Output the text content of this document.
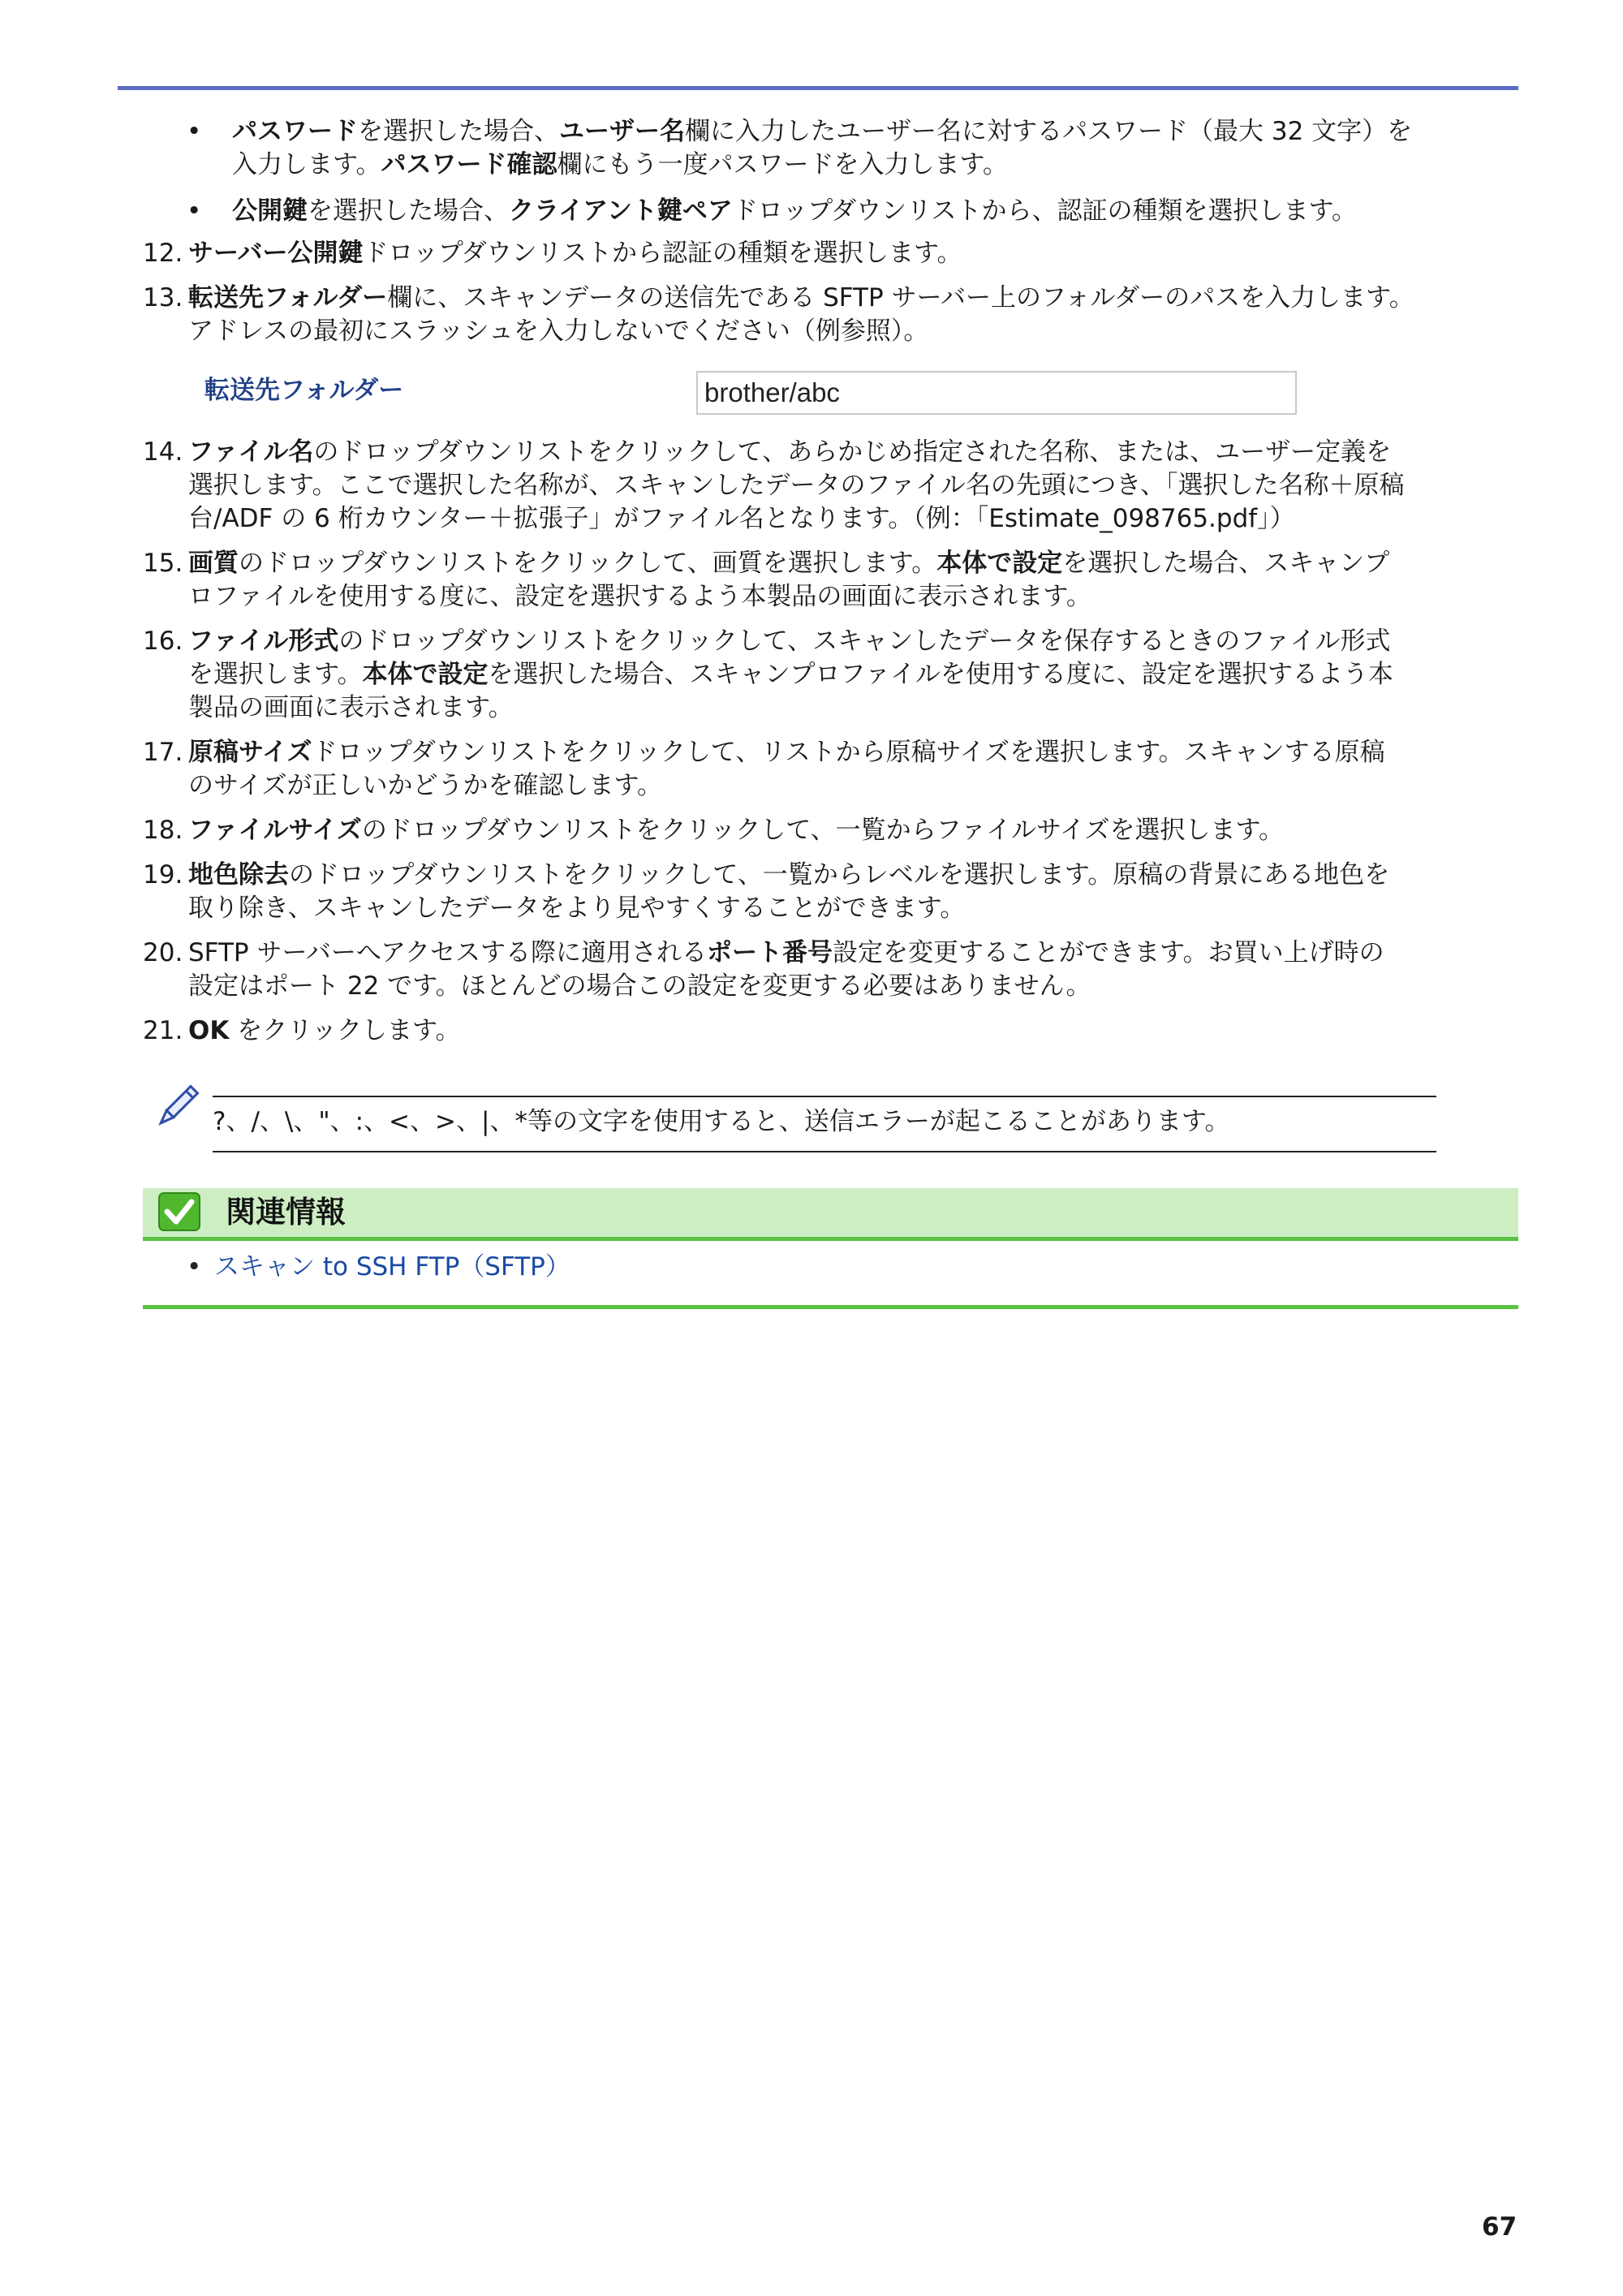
• パスワードを選択した場合、ユーザー名欄に入力したユーザー名に対するパスワード（最大 32 文字）を
入力します。パスワード確認欄にもう一度パスワードを入力します。
• 公開鍵を選択した場合、クライアント鍵ペアドロップダウンリストから、認証の種類を選択します。
12. サーバー公開鍵ドロップダウンリストから認証の種類を選択します。
13. 転送先フォルダー欄に、スキャンデータの送信先である SFTP サーバー上のフォルダーのパスを入力します。
アドレスの最初にスラッシュを入力しないでください（例参照）。
転送先フォルダー
brother/abc
14. ファイル名のドロップダウンリストをクリックして、あらかじめ指定された名称、または、ユーザー定義を
選択します。ここで選択した名称が、スキャンしたデータのファイル名の先頭につき、「選択した名称＋原稿
台/ADF の 6 桁カウンター＋拡張子」がファイル名となります。（例：「Estimate_098765.pdf」）
15. 画質のドロップダウンリストをクリックして、画質を選択します。本体で設定を選択した場合、スキャンプ
ロファイルを使用する度に、設定を選択するよう本製品の画面に表示されます。
16. ファイル形式のドロップダウンリストをクリックして、スキャンしたデータを保存するときのファイル形式
を選択します。本体で設定を選択した場合、スキャンプロファイルを使用する度に、設定を選択するよう本
製品の画面に表示されます。
17. 原稿サイズドロップダウンリストをクリックして、リストから原稿サイズを選択します。スキャンする原稿
のサイズが正しいかどうかを確認します。
18. ファイルサイズのドロップダウンリストをクリックして、一覧からファイルサイズを選択します。
19. 地色除去のドロップダウンリストをクリックして、一覧からレベルを選択します。原稿の背景にある地色を
取り除き、スキャンしたデータをより見やすくすることができます。
20. SFTP サーバーへアクセスする際に適用されるポート番号設定を変更することができます。お買い上げ時の
設定はポート 22 です。ほとんどの場合この設定を変更する必要はありません。
21. OK をクリックします。
?、/、\、"、:、<、>、|、*等の文字を使用すると、送信エラーが起こることがあります。
関連情報
• スキャン to SSH FTP（SFTP）
67
